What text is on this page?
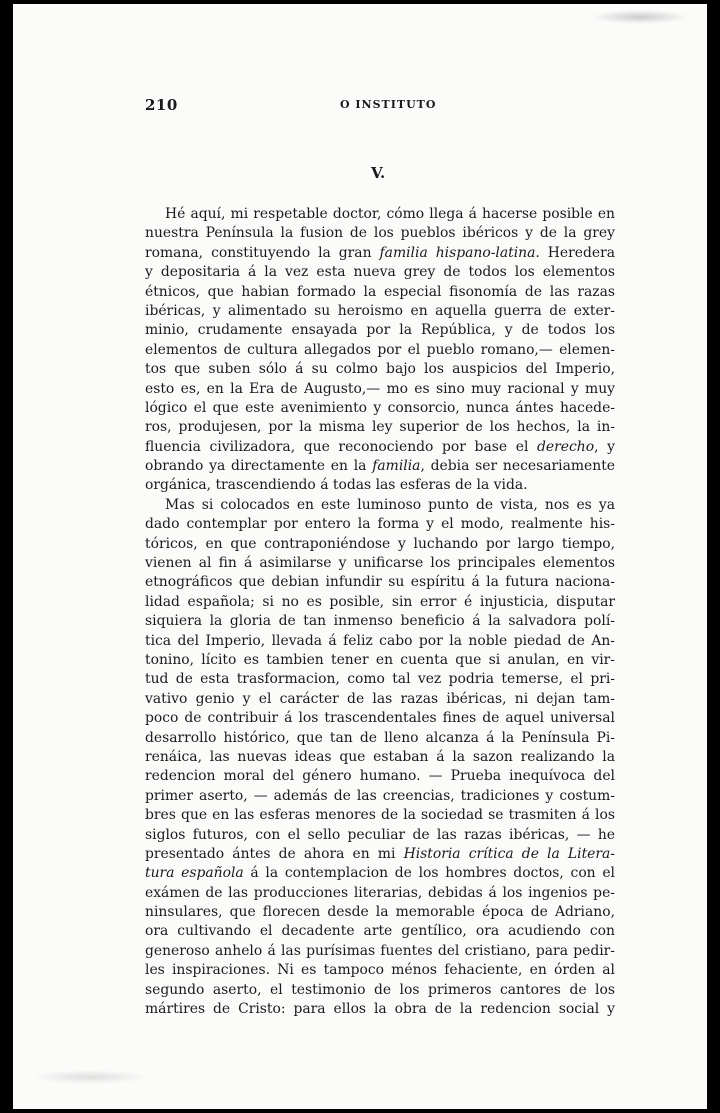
210	O INSTITUTO
V.
Hé aquí, mi respetable doctor, cómo llega á hacerse posible en
nuestra Península la fusion de los pueblos ibéricos y de la grey
romana, constituyendo la gran familia hispano-latina. Heredera
y depositaria á la vez esta nueva grey de todos los elementos
étnicos, que habian formado la especial fisonomía de las razas
ibéricas, y alimentado su heroismo en aquella guerra de exter-
minio, crudamente ensayada por la República, y de todos los
elementos de cultura allegados por el pueblo romano,— elemen-
tos que suben sólo á su colmo bajo los auspicios del Imperio,
esto es, en la Era de Augusto,— mo es sino muy racional y muy
lógico el que este avenimiento y consorcio, nunca ántes hacede-
ros, produjesen, por la misma ley superior de los hechos, la in-
fluencia civilizadora, que reconociendo por base el derecho, y
obrando ya directamente en la familia, debia ser necesariamente
orgánica, trascendiendo á todas las esferas de la vida.
Mas si colocados en este luminoso punto de vista, nos es ya
dado contemplar por entero la forma y el modo, realmente his-
tóricos, en que contraponiéndose y luchando por largo tiempo,
vienen al fin á asimilarse y unificarse los principales elementos
etnográficos que debian infundir su espíritu á la futura naciona-
lidad española; si no es posible, sin error é injusticia, disputar
siquiera la gloria de tan inmenso beneficio á la salvadora polí-
tica del Imperio, llevada á feliz cabo por la noble piedad de An-
tonino, lícito es tambien tener en cuenta que si anulan, en vir-
tud de esta trasformacion, como tal vez podria temerse, el pri-
vativo genio y el carácter de las razas ibéricas, ni dejan tam-
poco de contribuir á los trascendentales fines de aquel universal
desarrollo histórico, que tan de lleno alcanza á la Península Pi-
renáica, las nuevas ideas que estaban á la sazon realizando la
redencion moral del género humano. — Prueba inequívoca del
primer aserto, — además de las creencias, tradiciones y costum-
bres que en las esferas menores de la sociedad se trasmiten á los
siglos futuros, con el sello peculiar de las razas ibéricas, — he
presentado ántes de ahora en mi Historia crítica de la Litera-
tura española á la contemplacion de los hombres doctos, con el
exámen de las producciones literarias, debidas á los ingenios pe-
ninsulares, que florecen desde la memorable época de Adriano,
ora cultivando el decadente arte gentílico, ora acudiendo con
generoso anhelo á las purísimas fuentes del cristiano, para pedir-
les inspiraciones. Ni es tampoco ménos fehaciente, en órden al
segundo aserto, el testimonio de los primeros cantores de los
mártires de Cristo: para ellos la obra de la redencion social y
